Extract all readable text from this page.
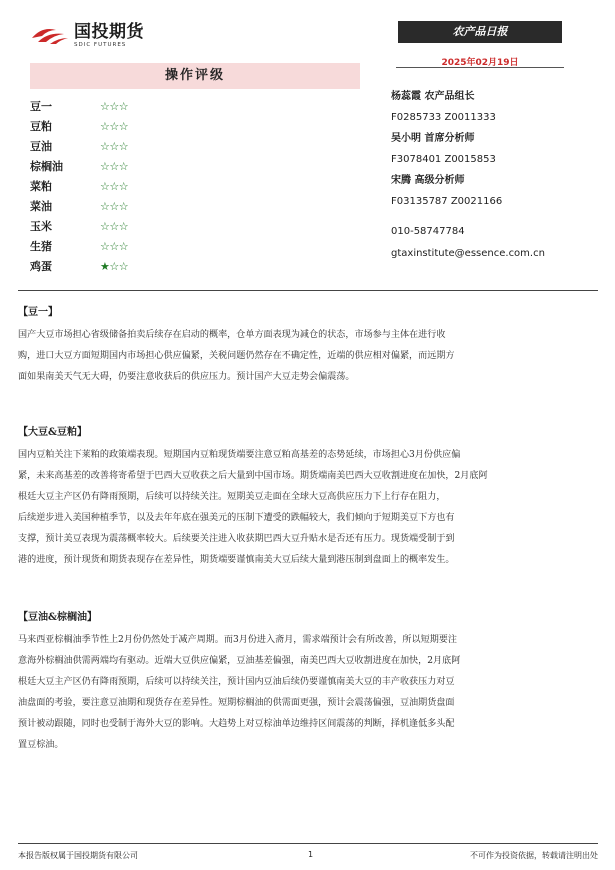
国投期货
SDIC FUTURES
农产品日报
2025年02月19日
操作评级
豆一	☆☆☆
豆粕	☆☆☆
豆油	☆☆☆
棕榈油	☆☆☆
菜粕	☆☆☆
菜油	☆☆☆
玉米	☆☆☆
生猪	☆☆☆
鸡蛋	★☆☆
杨蕊霞 农产品组长
F0285733 Z0011333
吴小明 首席分析师
F3078401 Z0015853
宋腾 高级分析师
F03135787 Z0021166
010-58747784
gtaxinstitute@essence.com.cn
【豆一】
国产大豆市场担心省级储备拍卖后续存在启动的概率，仓单方面表现为减仓的状态，市场参与主体在进行收
购，进口大豆方面短期国内市场担心供应偏紧，关税问题仍然存在不确定性，近端的供应相对偏紧，而远期方
面如果南美天气无大碍，仍要注意收获后的供应压力。预计国产大豆走势会偏震荡。
【大豆&豆粕】
国内豆粕关注下莱粕的政策端表现。短期国内豆粕现货端要注意豆粕高基差的态势延续，市场担心3月份供应偏
紧，未来高基差的改善将寄希望于巴西大豆收获之后大量到中国市场。期货端南美巴西大豆收割进度在加快，2月底阿
根廷大豆主产区仍有降雨预期，后续可以持续关注。短期美豆走面在全球大豆高供应压力下上行存在阻力，
后续逆步进入美国种植季节，以及去年年底在强美元的压制下遭受的跌幅较大，我们倾向于短期美豆下方也有
支撑，预计美豆表现为震荡概率较大。后续要关注进入收获期巴西大豆升贴水是否还有压力。现货端受制于到
港的进度，预计现货和期货表现存在差异性，期货端要谨慎南美大豆后续大量到港压制到盘面上的概率发生。
【豆油&棕榈油】
马来西亚棕榈油季节性上2月份仍然处于减产周期。而3月份进入斋月，需求端预计会有所改善，所以短期要注
意海外棕榈油供需两端均有驱动。近端大豆供应偏紧，豆油基差偏强，南美巴西大豆收割进度在加快，2月底阿
根廷大豆主产区仍有降雨预期，后续可以持续关注，预计国内豆油后续仍要谨慎南美大豆的丰产收获压力对豆
油盘面的考验，要注意豆油期和现货存在差异性。短期棕榈油的供需面更强，预计会震荡偏强，豆油期货盘面
预计被动跟随，同时也受制于海外大豆的影响。大趋势上对豆棕油单边维持区间震荡的判断，择机逢低多头配
置豆棕油。
本报告版权属于国投期货有限公司	1	不可作为投资依据，转载请注明出处
